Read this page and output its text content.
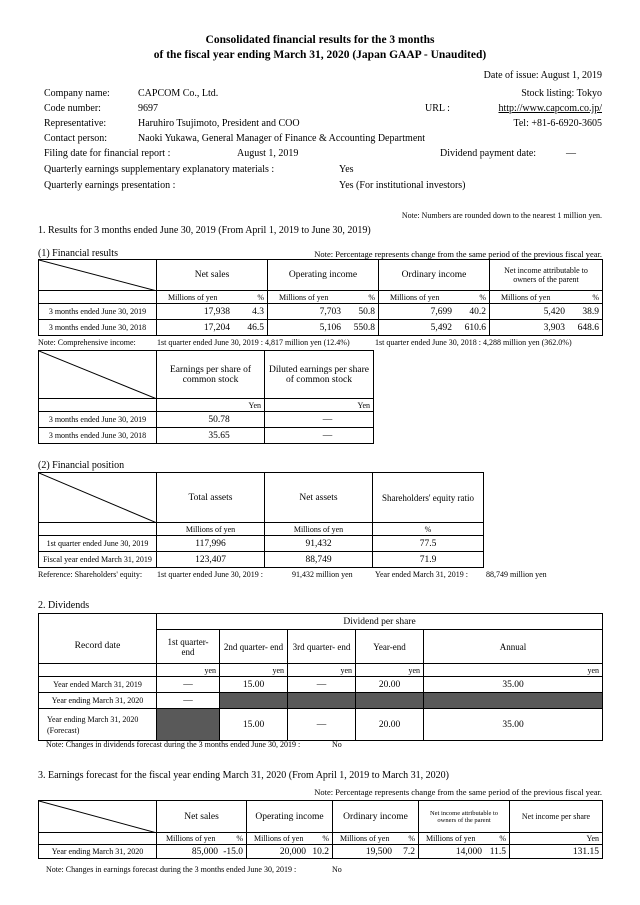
Consolidated financial results for the 3 months
of the fiscal year ending March 31, 2020 (Japan GAAP - Unaudited)
Date of issue: August 1, 2019
Company name:	CAPCOM Co., Ltd.	Stock listing: Tokyo
Code number:	9697	URL :	http://www.capcom.co.jp/
Representative:	Haruhiro Tsujimoto, President and COO	Tel: +81-6-6920-3605
Contact person:	Naoki Yukawa, General Manager of Finance & Accounting Department
Filing date for financial report :	August 1, 2019	Dividend payment date:	—
Quarterly earnings supplementary explanatory materials :	Yes
Quarterly earnings presentation :	Yes (For institutional investors)
Note: Numbers are rounded down to the nearest 1 million yen.
1. Results for 3 months ended June 30, 2019 (From April 1, 2019 to June 30, 2019)
(1) Financial results	Note: Percentage represents change from the same period of the previous fiscal year.
	Net sales	Operating income	Ordinary income	Net income attributable to owners of the parent

	Millions of yen %	Millions of yen %	Millions of yen %	Millions of yen %

3 months ended June 30, 2019	17,938 4.3	7,703 50.8	7,699 40.2	5,420 38.9

3 months ended June 30, 2018	17,204 46.5	5,106 550.8	5,492 610.6	3,903 648.6
Note: Comprehensive income:	1st quarter ended June 30, 2019 : 4,817 million yen (12.4%)	1st quarter ended June 30, 2018 : 4,288 million yen (362.0%)
	Earnings per share of common stock	Diluted earnings per share of common stock
	Yen	Yen
3 months ended June 30, 2019	50.78	—
3 months ended June 30, 2018	35.65	—
(2) Financial position
	Total assets	Net assets	Shareholders' equity ratio	
	Millions of yen	Millions of yen	%	
1st quarter ended June 30, 2019	117,996	91,432	77.5	
Fiscal year ended March 31, 2019	123,407	88,749	71.9	
Reference: Shareholders' equity: 1st quarter ended June 30, 2019 :	91,432 million yen	Year ended March 31, 2019 : 88,749 million yen
2. Dividends
	Dividend per share				
Record date	1st quarter- end	2nd quarter- end	3rd quarter- end	Year-end	Annual
	yen	yen	yen	yen	yen
Year ended March 31, 2019	—	15.00	—	20.00	35.00
Year ending March 31, 2020	—				

Year ending March 31, 2020
(Forecast)		15.00	—	20.00	35.00
Note: Changes in dividends forecast during the 3 months ended June 30, 2019 :	No
3. Earnings forecast for the fiscal year ending March 31, 2020 (From April 1, 2019 to March 31, 2020)
Note: Percentage represents change from the same period of the previous fiscal year.
	Net sales	Operating income	Ordinary income	Net income attributable to owners of the parent	Net income per share

	Millions of yen %	Millions of yen %	Millions of yen %	Millions of yen %	Yen
Year ending March 31, 2020	85,000 -15.0	20,000 10.2	19,500 7.2	14,000 11.5	131.15
Note: Changes in earnings forecast during the 3 months ended June 30, 2019 :	No
